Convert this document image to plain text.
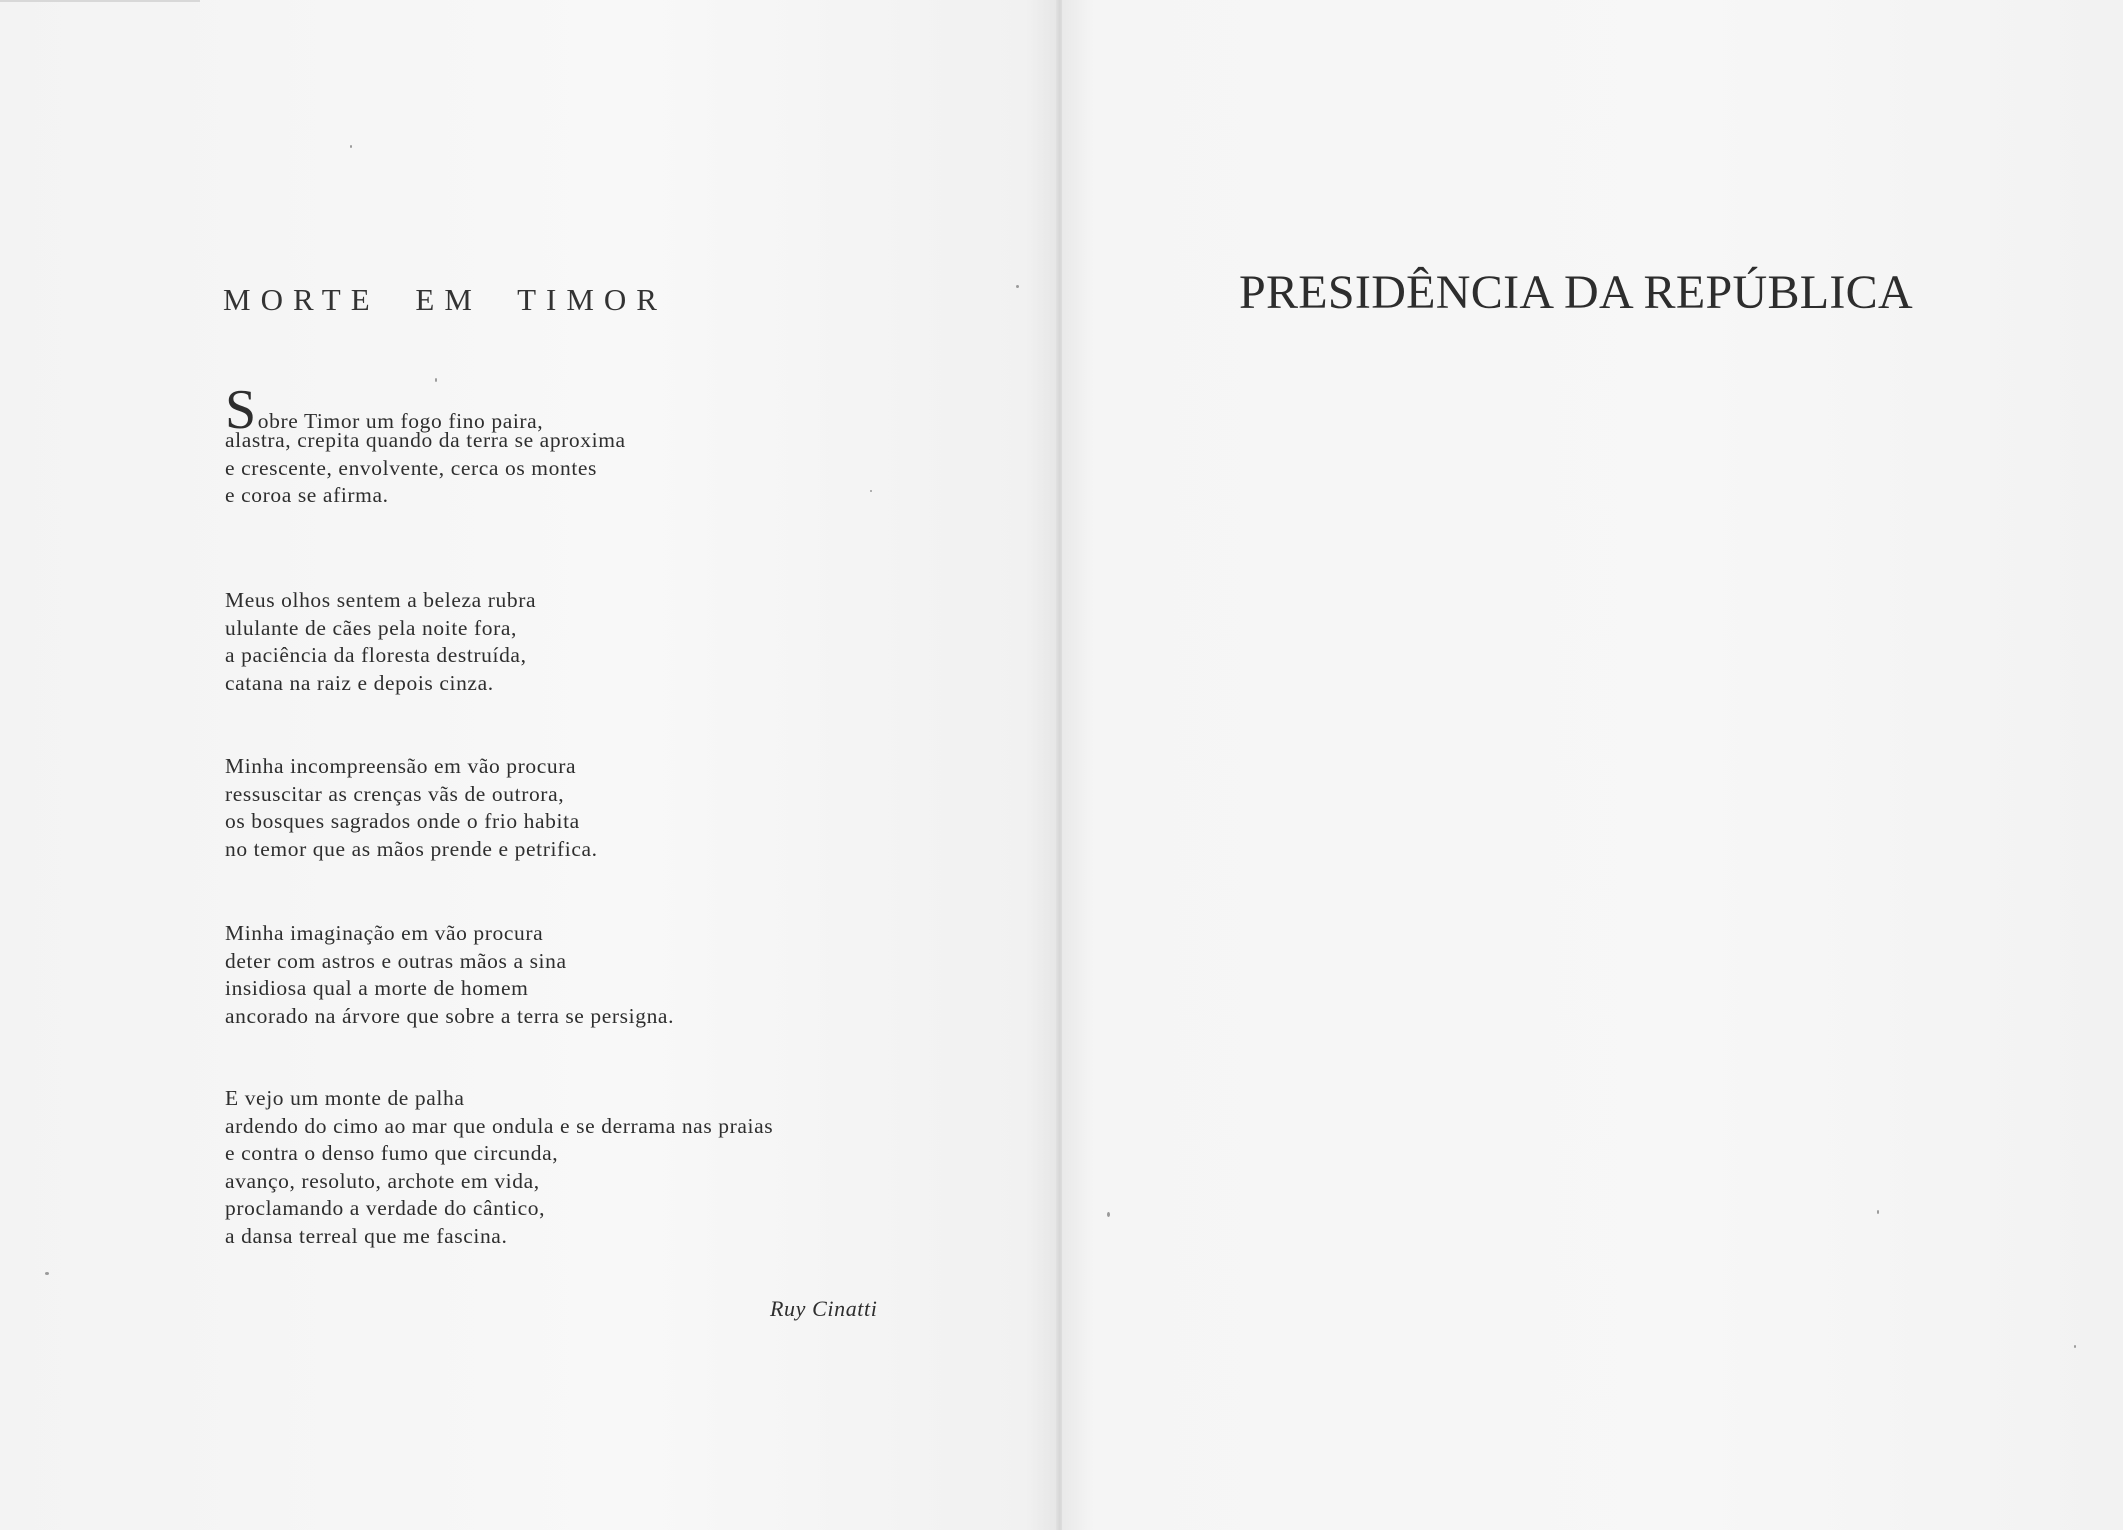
MORTE EM TIMOR

Sobre Timor um fogo fino paira,
alastra, crepita quando da terra se aproxima
e crescente, envolvente, cerca os montes
e coroa se afirma.

Meus olhos sentem a beleza rubra
ululante de cães pela noite fora,
a paciência da floresta destruída,
catana na raiz e depois cinza.

Minha incompreensão em vão procura
ressuscitar as crenças vãs de outrora,
os bosques sagrados onde o frio habita
no temor que as mãos prende e petrifica.

Minha imaginação em vão procura
deter com astros e outras mãos a sina
insidiosa qual a morte de homem
ancorado na árvore que sobre a terra se persigna.

E vejo um monte de palha
ardendo do cimo ao mar que ondula e se derrama nas praias
e contra o denso fumo que circunda,
avanço, resoluto, archote em vida,
proclamando a verdade do cântico,
a dansa terreal que me fascina.

Ruy Cinatti
PRESIDÊNCIA DA REPÚBLICA
